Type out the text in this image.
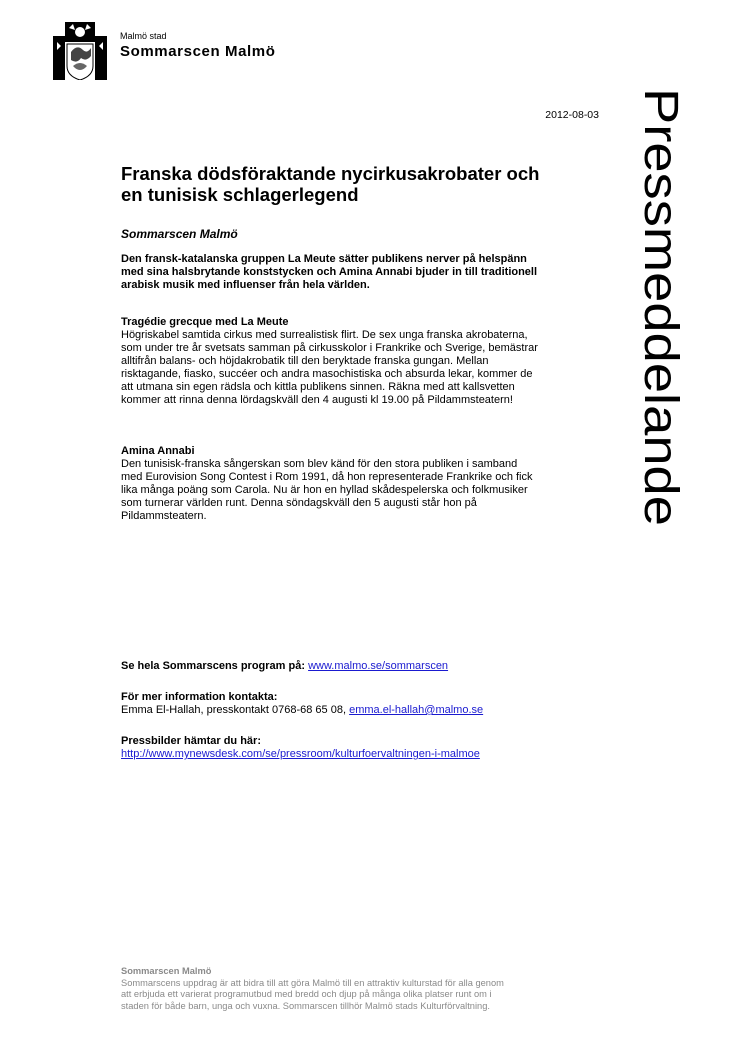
Malmö stad
Sommarscen Malmö
Pressmeddelande
2012-08-03
Franska dödsföraktande nycirkusakrobater och
en tunisisk schlagerlegend
Sommarscen Malmö

Den fransk-katalanska gruppen La Meute sätter publikens nerver på helspänn

med sina halsbrytande konststycken och Amina Annabi bjuder in till traditionell

arabisk musik med influenser från hela världen.

Tragédie grecque med La Meute

Högriskabel samtida cirkus med surrealistisk flirt. De sex unga franska akrobaterna,

som under tre år svetsats samman på cirkusskolor i Frankrike och Sverige, bemästrar

alltifrån balans- och höjdakrobatik till den beryktade franska gungan. Mellan

risktagande, fiasko, succéer och andra masochistiska och absurda lekar, kommer de

att utmana sin egen rädsla och kittla publikens sinnen. Räkna med att kallsvetten

kommer att rinna denna lördagskväll den 4 augusti kl 19.00 på Pildammsteatern!

Amina Annabi

Den tunisisk-franska sångerskan som blev känd för den stora publiken i samband

med Eurovision Song Contest i Rom 1991, då hon representerade Frankrike och fick

lika många poäng som Carola. Nu är hon en hyllad skådespelerska och folkmusiker

som turnerar världen runt. Denna söndagskväll den 5 augusti står hon på

Pildammsteatern.

Se hela Sommarscens program på: www.malmo.se/sommarscen

För mer information kontakta:

Emma El-Hallah, presskontakt 0768-68 65 08, emma.el-hallah@malmo.se

Pressbilder hämtar du här:

http://www.mynewsdesk.com/se/pressroom/kulturfoervaltningen-i-malmoe

Sommarscen Malmö
Sommarscens uppdrag är att bidra till att göra Malmö till en attraktiv kulturstad för alla genom
att erbjuda ett varierat programutbud med bredd och djup på många olika platser runt om i
staden för både barn, unga och vuxna. Sommarscen tillhör Malmö stads Kulturförvaltning.
